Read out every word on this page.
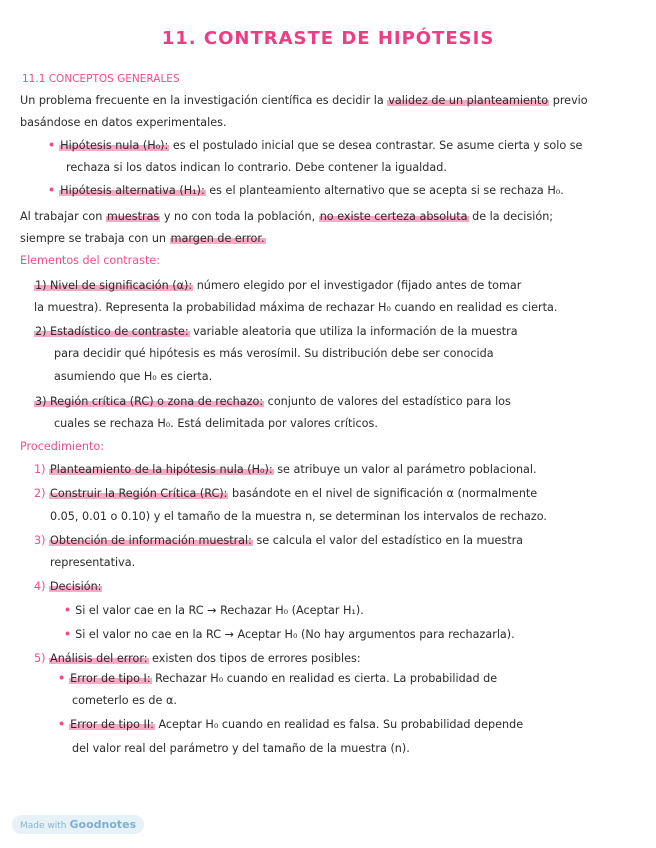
11. CONTRASTE DE HIPÓTESIS
11.1 CONCEPTOS GENERALES
Un problema frecuente en la investigación científica es decidir la validez de un planteamiento previo
basándose en datos experimentales.
• Hipótesis nula (H₀): es el postulado inicial que se desea contrastar. Se asume cierta y solo se
rechaza si los datos indican lo contrario. Debe contener la igualdad.
• Hipótesis alternativa (H₁): es el planteamiento alternativo que se acepta si se rechaza H₀.
Al trabajar con muestras y no con toda la población, no existe certeza absoluta de la decisión;
siempre se trabaja con un margen de error.
Elementos del contraste:
1) Nivel de significación (α): número elegido por el investigador (fijado antes de tomar
la muestra). Representa la probabilidad máxima de rechazar H₀ cuando en realidad es cierta.
2) Estadístico de contraste: variable aleatoria que utiliza la información de la muestra
para decidir qué hipótesis es más verosímil. Su distribución debe ser conocida
asumiendo que H₀ es cierta.
3) Región crítica (RC) o zona de rechazo: conjunto de valores del estadístico para los
cuales se rechaza H₀. Está delimitada por valores críticos.
Procedimiento:
1) Planteamiento de la hipótesis nula (H₀): se atribuye un valor al parámetro poblacional.
2) Construir la Región Crítica (RC): basándote en el nivel de significación α (normalmente
0.05, 0.01 o 0.10) y el tamaño de la muestra n, se determinan los intervalos de rechazo.
3) Obtención de información muestral: se calcula el valor del estadístico en la muestra
representativa.
4) Decisión:
• Si el valor cae en la RC → Rechazar H₀ (Aceptar H₁).
• Si el valor no cae en la RC → Aceptar H₀ (No hay argumentos para rechazarla).
5) Análisis del error: existen dos tipos de errores posibles:
• Error de tipo I: Rechazar H₀ cuando en realidad es cierta. La probabilidad de
cometerlo es de α.
• Error de tipo II: Aceptar H₀ cuando en realidad es falsa. Su probabilidad depende
del valor real del parámetro y del tamaño de la muestra (n).
Made with Goodnotes
